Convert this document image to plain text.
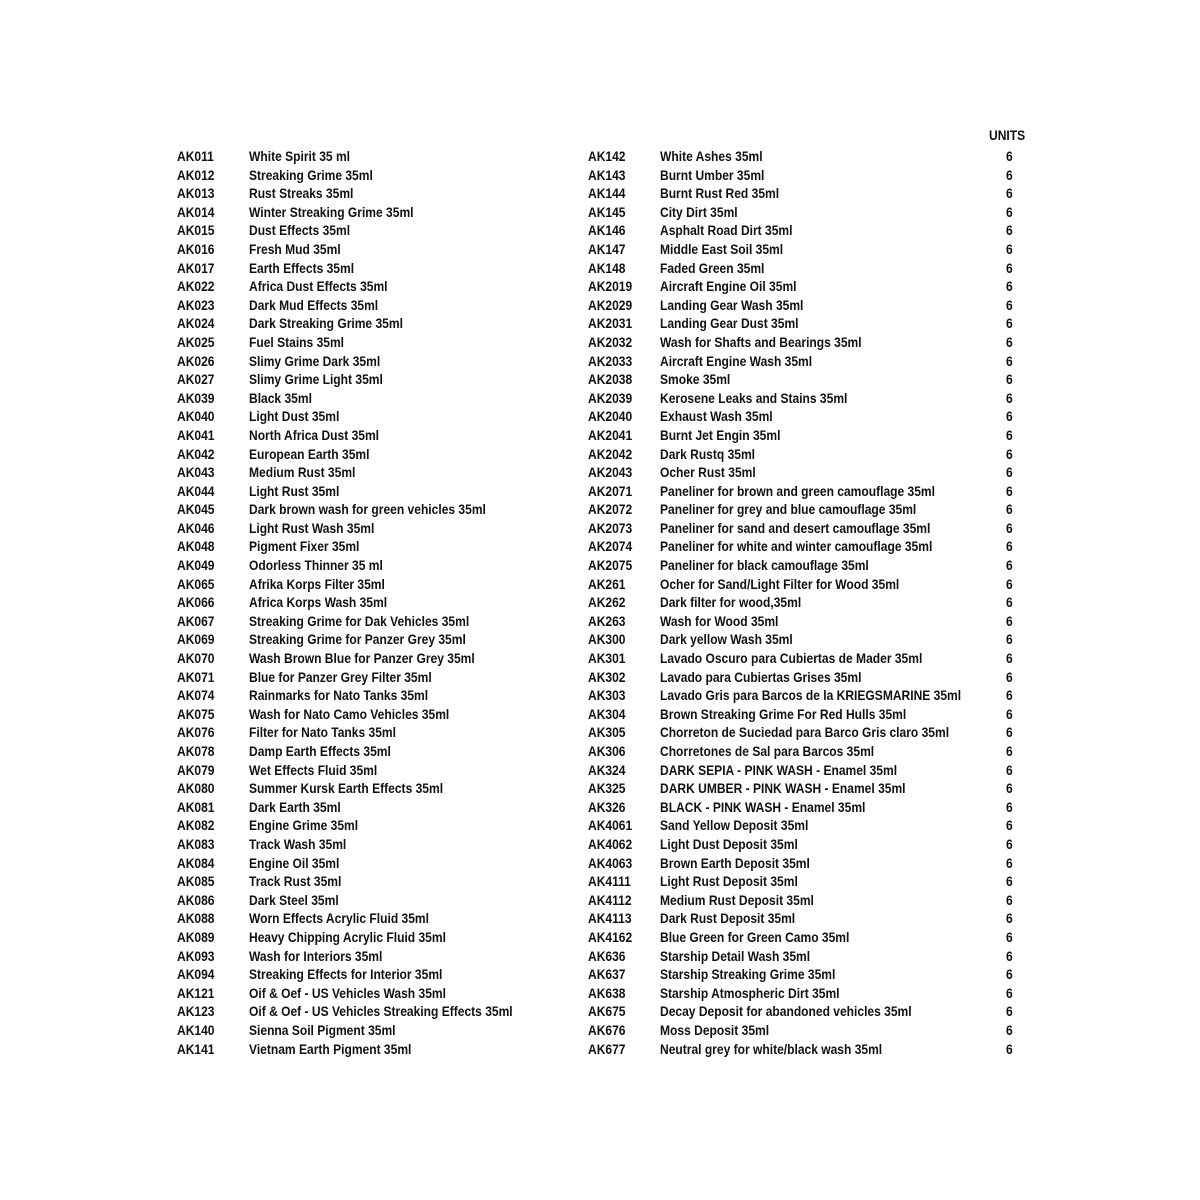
UNITS
AK011	White Spirit 35 ml
AK012 Streaking Grime 35ml
AK013 Rust Streaks 35ml
AK014 Winter Streaking Grime 35ml
AK015 Dust Effects 35ml
AK016 Fresh Mud 35ml
AK017 Earth Effects 35ml
AK022 Africa Dust Effects 35ml
AK023 Dark Mud Effects 35ml
AK024 Dark Streaking Grime 35ml
AK025 Fuel Stains 35ml
AK026 Slimy Grime Dark 35ml
AK027 Slimy Grime Light 35ml
AK039 Black 35ml
AK040 Light Dust 35ml
AK041 North Africa Dust 35ml
AK042 European Earth 35ml
AK043 Medium Rust 35ml
AK044 Light Rust 35ml
AK045 Dark brown wash for green vehicles 35ml
AK046 Light Rust Wash 35ml
AK048 Pigment Fixer 35ml
AK049 Odorless Thinner 35 ml
AK065 Afrika Korps Filter 35ml
AK066 Africa Korps Wash 35ml
AK067 Streaking Grime for Dak Vehicles 35ml
AK069 Streaking Grime for Panzer Grey 35ml
AK070 Wash Brown Blue for Panzer Grey 35ml
AK071 Blue for Panzer Grey Filter 35ml
AK074 Rainmarks for Nato Tanks 35ml
AK075 Wash for Nato Camo Vehicles 35ml
AK076 Filter for Nato Tanks 35ml
AK078 Damp Earth Effects 35ml
AK079 Wet Effects Fluid 35ml
AK080 Summer Kursk Earth Effects 35ml
AK081 Dark Earth 35ml
AK082 Engine Grime 35ml
AK083 Track Wash 35ml
AK084 Engine Oil 35ml
AK085 Track Rust 35ml
AK086 Dark Steel 35ml
AK088 Worn Effects Acrylic Fluid 35ml
AK089 Heavy Chipping Acrylic Fluid 35ml
AK093 Wash for Interiors 35ml
AK094 Streaking Effects for Interior 35ml
AK121 Oif & Oef - US Vehicles Wash 35ml
AK123 Oif & Oef - US Vehicles Streaking Effects 35ml
AK140 Sienna Soil Pigment 35ml
AK141 Vietnam Earth Pigment 35ml
AK142 White Ashes 35ml	6
AK143 Burnt Umber 35ml	6
AK144 Burnt Rust Red 35ml	6
AK145 City Dirt 35ml	6
AK146 Asphalt Road Dirt 35ml	6
AK147 Middle East Soil 35ml	6
AK148 Faded Green 35ml	6
AK2019 Aircraft Engine Oil 35ml	6
AK2029 Landing Gear Wash 35ml	6
AK2031 Landing Gear Dust 35ml	6
AK2032 Wash for Shafts and Bearings 35ml	6
AK2033 Aircraft Engine Wash 35ml	6
AK2038 Smoke 35ml	6
AK2039 Kerosene Leaks and Stains 35ml	6
AK2040 Exhaust Wash 35ml	6
AK2041 Burnt Jet Engin 35ml	6
AK2042 Dark Rustq 35ml	6
AK2043 Ocher Rust 35ml	6
AK2071 Paneliner for brown and green camouflage 35ml	6
AK2072 Paneliner for grey and blue camouflage 35ml	6
AK2073 Paneliner for sand and desert camouflage 35ml	6
AK2074 Paneliner for white and winter camouflage 35ml	6
AK2075 Paneliner for black camouflage 35ml	6
AK261 Ocher for Sand/Light Filter for Wood 35ml	6
AK262 Dark filter for wood,35ml	6
AK263 Wash for Wood 35ml	6
AK300 Dark yellow Wash 35ml	6
AK301 Lavado Oscuro para Cubiertas de Mader 35ml	6
AK302 Lavado para Cubiertas Grises 35ml	6
AK303 Lavado Gris para Barcos de la KRIEGSMARINE 35ml	6
AK304 Brown Streaking Grime For Red Hulls 35ml	6
AK305 Chorreton de Suciedad para Barco Gris claro 35ml	6
AK306 Chorretones de Sal para Barcos 35ml	6
AK324 DARK SEPIA - PINK WASH - Enamel 35ml	6
AK325 DARK UMBER - PINK WASH - Enamel 35ml	6
AK326 BLACK - PINK WASH - Enamel 35ml	6
AK4061 Sand Yellow Deposit 35ml	6
AK4062 Light Dust Deposit 35ml	6
AK4063 Brown Earth Deposit 35ml	6
AK4111 Light Rust Deposit 35ml	6
AK4112 Medium Rust Deposit 35ml	6
AK4113 Dark Rust Deposit 35ml	6
AK4162 Blue Green for Green Camo 35ml	6
AK636 Starship Detail Wash 35ml	6
AK637 Starship Streaking Grime 35ml	6
AK638 Starship Atmospheric Dirt 35ml	6
AK675 Decay Deposit for abandoned vehicles 35ml	6
AK676 Moss Deposit 35ml	6
AK677 Neutral grey for white/black wash 35ml	6
